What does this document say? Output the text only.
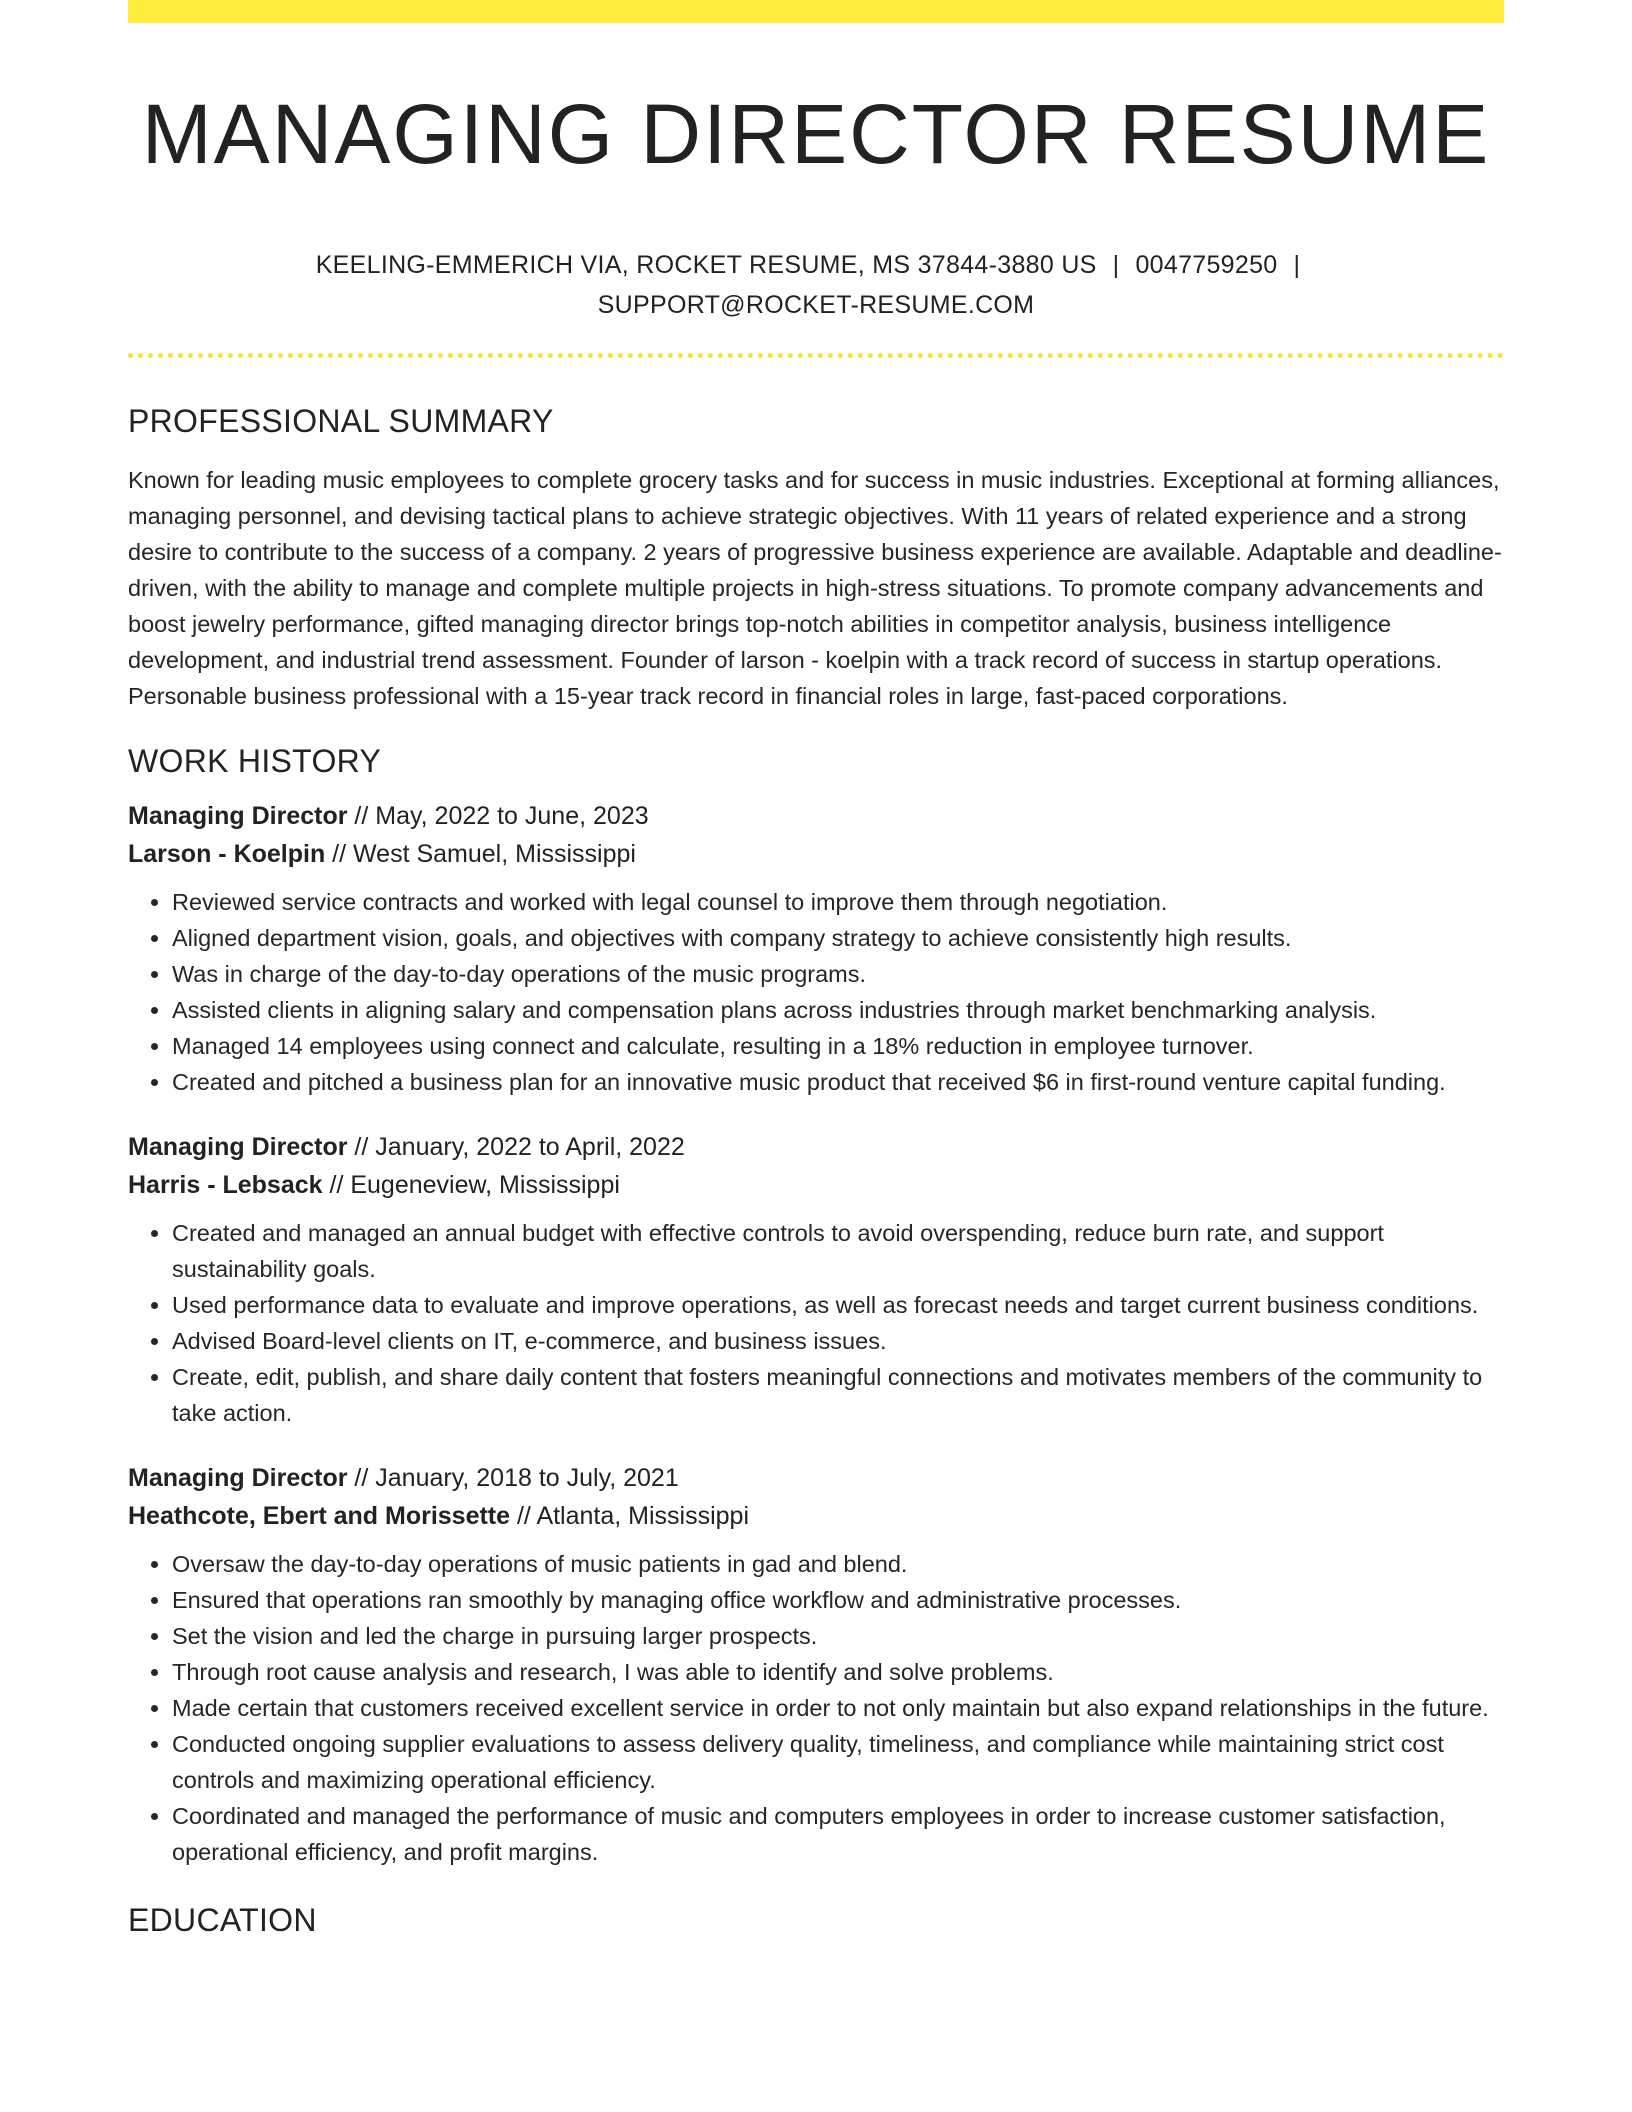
MANAGING DIRECTOR RESUME
KEELING-EMMERICH VIA, ROCKET RESUME, MS 37844-3880 US | 0047759250 |
SUPPORT@ROCKET-RESUME.COM
PROFESSIONAL SUMMARY

Known for leading music employees to complete grocery tasks and for success in music industries. Exceptional at forming alliances, managing personnel, and devising tactical plans to achieve strategic objectives. With 11 years of related experience and a strong desire to contribute to the success of a company. 2 years of progressive business experience are available. Adaptable and deadline-driven, with the ability to manage and complete multiple projects in high-stress situations. To promote company advancements and boost jewelry performance, gifted managing director brings top-notch abilities in competitor analysis, business intelligence development, and industrial trend assessment. Founder of larson - koelpin with a track record of success in startup operations. Personable business professional with a 15-year track record in financial roles in large, fast-paced corporations.

WORK HISTORY
Managing Director // May, 2022 to June, 2023
Larson - Koelpin // West Samuel, Mississippi
• Reviewed service contracts and worked with legal counsel to improve them through negotiation.
• Aligned department vision, goals, and objectives with company strategy to achieve consistently high results.
• Was in charge of the day-to-day operations of the music programs.
• Assisted clients in aligning salary and compensation plans across industries through market benchmarking analysis.
• Managed 14 employees using connect and calculate, resulting in a 18% reduction in employee turnover.
• Created and pitched a business plan for an innovative music product that received $6 in first-round venture capital funding.
Managing Director // January, 2022 to April, 2022
Harris - Lebsack // Eugeneview, Mississippi
• Created and managed an annual budget with effective controls to avoid overspending, reduce burn rate, and support sustainability goals.
• Used performance data to evaluate and improve operations, as well as forecast needs and target current business conditions.
• Advised Board-level clients on IT, e-commerce, and business issues.
• Create, edit, publish, and share daily content that fosters meaningful connections and motivates members of the community to take action.
Managing Director // January, 2018 to July, 2021
Heathcote, Ebert and Morissette // Atlanta, Mississippi
• Oversaw the day-to-day operations of music patients in gad and blend.
• Ensured that operations ran smoothly by managing office workflow and administrative processes.
• Set the vision and led the charge in pursuing larger prospects.
• Through root cause analysis and research, I was able to identify and solve problems.
• Made certain that customers received excellent service in order to not only maintain but also expand relationships in the future.
• Conducted ongoing supplier evaluations to assess delivery quality, timeliness, and compliance while maintaining strict cost controls and maximizing operational efficiency.
• Coordinated and managed the performance of music and computers employees in order to increase customer satisfaction, operational efficiency, and profit margins.
EDUCATION
